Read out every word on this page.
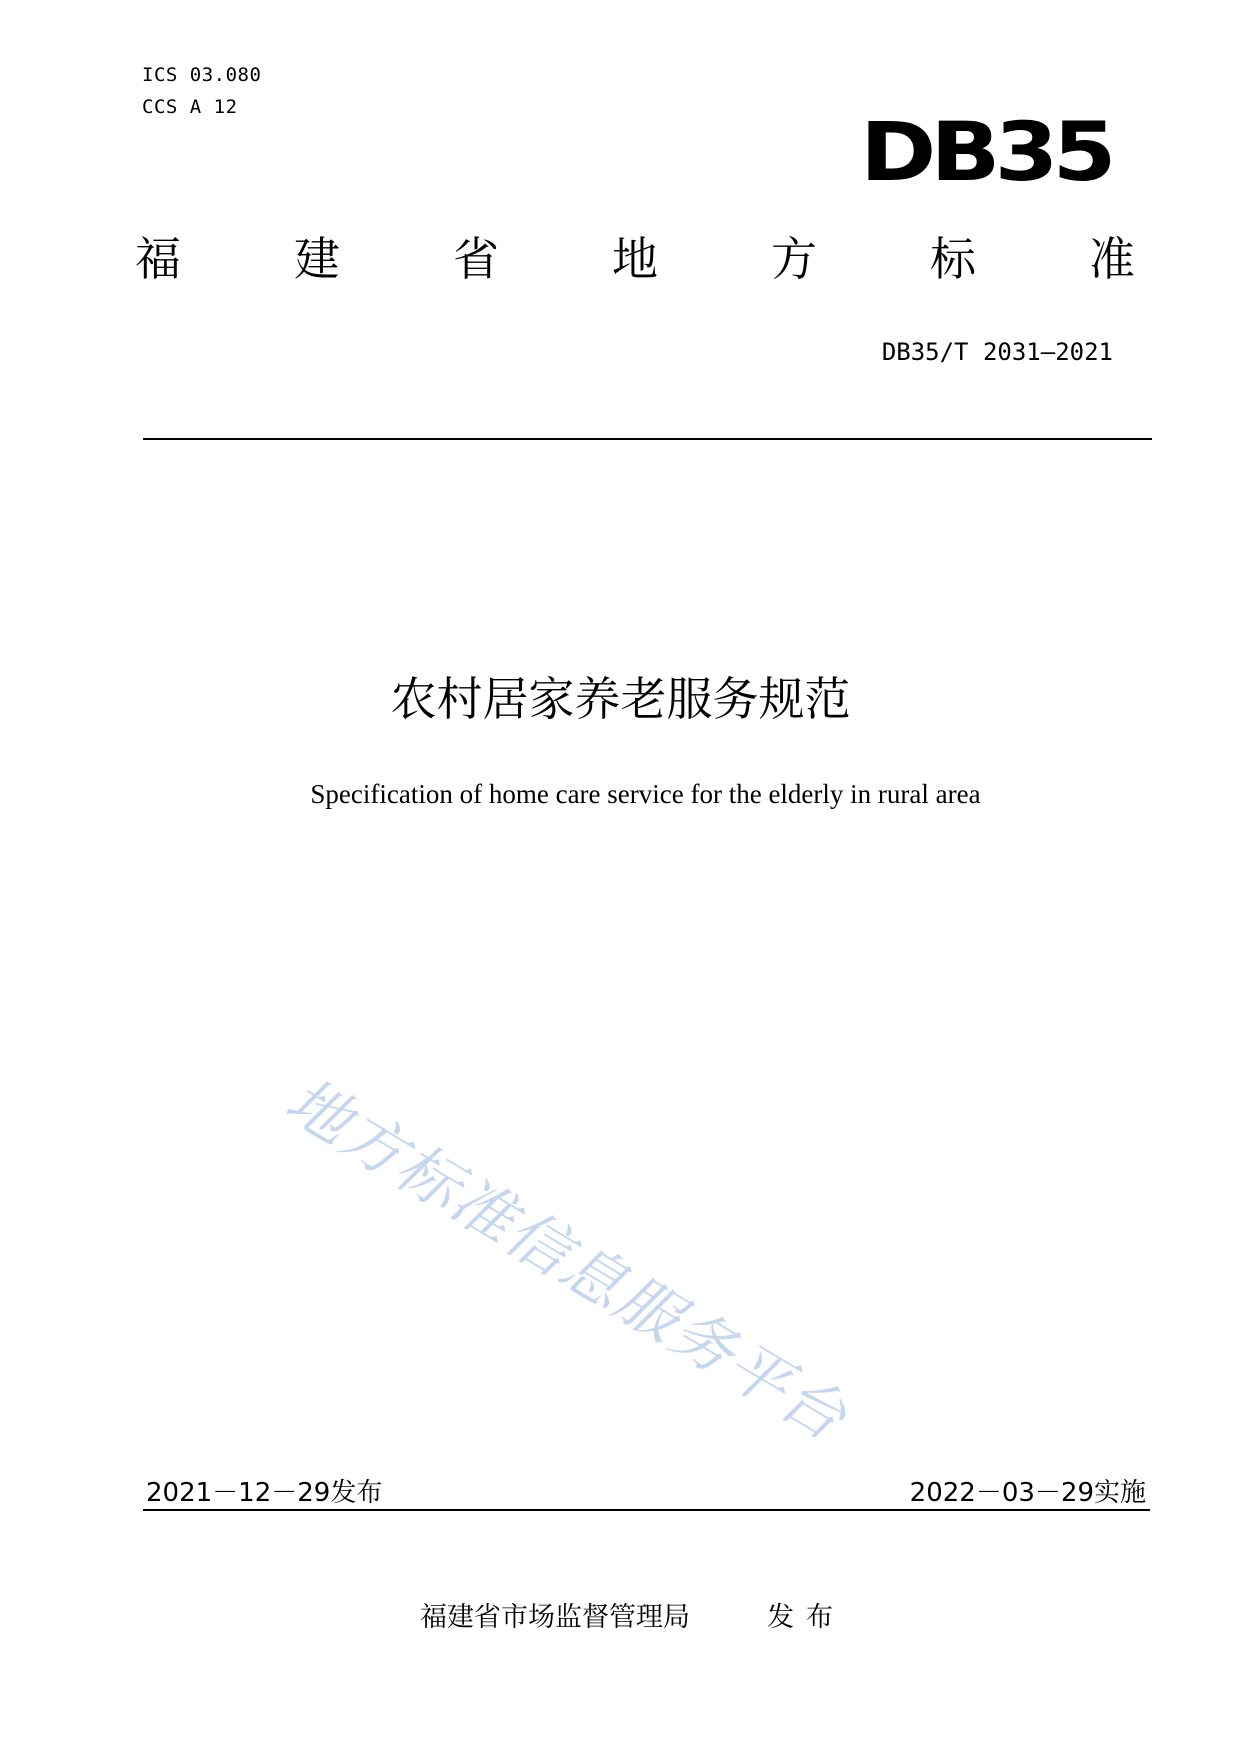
ICS 03.080
CCS A 12	DB35
福 建 省 地 方 标 准
DB35/T 2031—2021
农村居家养老服务规范
Specification of home care service for the elderly in rural area
地方标准信息服务平台
2021－12－29发布	2022－03－29实施
福建省市场监督管理局	发布
